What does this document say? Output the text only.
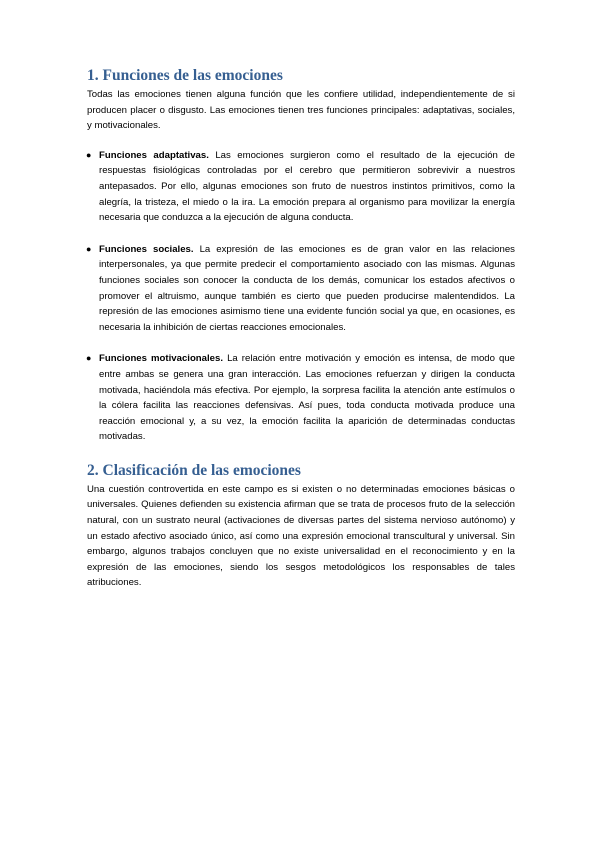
1. Funciones de las emociones

Todas las emociones tienen alguna función que les confiere utilidad, independientemente de si producen placer o disgusto. Las emociones tienen tres funciones principales: adaptativas, sociales, y motivacionales.

● Funciones adaptativas. Las emociones surgieron como el resultado de la ejecución de respuestas fisiológicas controladas por el cerebro que permitieron sobrevivir a nuestros antepasados. Por ello, algunas emociones son fruto de nuestros instintos primitivos, como la alegría, la tristeza, el miedo o la ira. La emoción prepara al organismo para movilizar la energía necesaria que conduzca a la ejecución de alguna conducta.
● Funciones sociales. La expresión de las emociones es de gran valor en las relaciones interpersonales, ya que permite predecir el comportamiento asociado con las mismas. Algunas funciones sociales son conocer la conducta de los demás, comunicar los estados afectivos o promover el altruismo, aunque también es cierto que pueden producirse malentendidos. La represión de las emociones asimismo tiene una evidente función social ya que, en ocasiones, es necesaria la inhibición de ciertas reacciones emocionales.
● Funciones motivacionales. La relación entre motivación y emoción es intensa, de modo que entre ambas se genera una gran interacción. Las emociones refuerzan y dirigen la conducta motivada, haciéndola más efectiva. Por ejemplo, la sorpresa facilita la atención ante estímulos o la cólera facilita las reacciones defensivas. Así pues, toda conducta motivada produce una reacción emocional y, a su vez, la emoción facilita la aparición de determinadas conductas motivadas.
2. Clasificación de las emociones

Una cuestión controvertida en este campo es si existen o no determinadas emociones básicas o universales. Quienes defienden su existencia afirman que se trata de procesos fruto de la selección natural, con un sustrato neural (activaciones de diversas partes del sistema nervioso autónomo) y un estado afectivo asociado único, así como una expresión emocional transcultural y universal. Sin embargo, algunos trabajos concluyen que no existe universalidad en el reconocimiento y en la expresión de las emociones, siendo los sesgos metodológicos los responsables de tales atribuciones.
